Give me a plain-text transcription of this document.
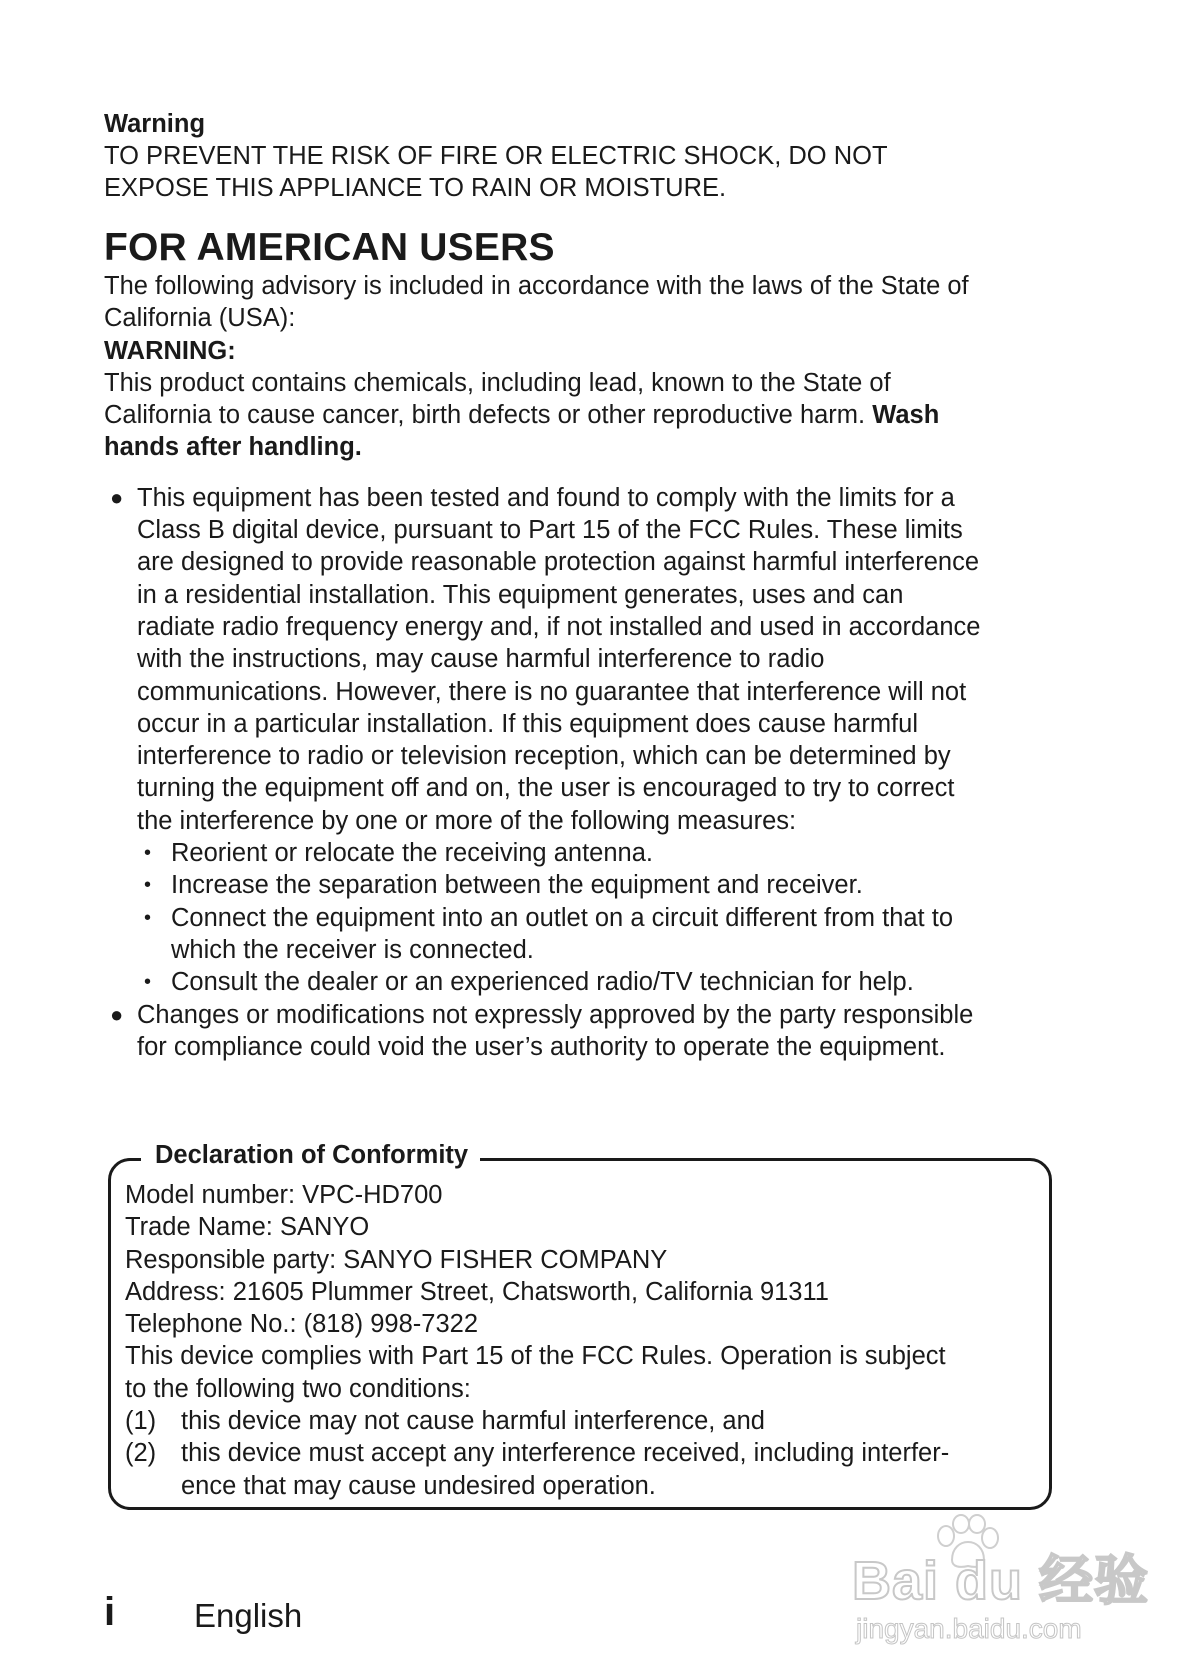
Warning
TO PREVENT THE RISK OF FIRE OR ELECTRIC SHOCK, DO NOT
EXPOSE THIS APPLIANCE TO RAIN OR MOISTURE.
FOR AMERICAN USERS
The following advisory is included in accordance with the laws of the State of
California (USA):
WARNING:
This product contains chemicals, including lead, known to the State of
California to cause cancer, birth defects or other reproductive harm. Wash
hands after handling.
● This equipment has been tested and found to comply with the limits for a
Class B digital device, pursuant to Part 15 of the FCC Rules. These limits
are designed to provide reasonable protection against harmful interference
in a residential installation. This equipment generates, uses and can
radiate radio frequency energy and, if not installed and used in accordance
with the instructions, may cause harmful interference to radio
communications. However, there is no guarantee that interference will not
occur in a particular installation. If this equipment does cause harmful
interference to radio or television reception, which can be determined by
turning the equipment off and on, the user is encouraged to try to correct
the interference by one or more of the following measures:
• Reorient or relocate the receiving antenna.
• Increase the separation between the equipment and receiver.
• Connect the equipment into an outlet on a circuit different from that to
which the receiver is connected.
• Consult the dealer or an experienced radio/TV technician for help.
● Changes or modifications not expressly approved by the party responsible
for compliance could void the user’s authority to operate the equipment.
Declaration of Conformity
Model number: VPC-HD700
Trade Name: SANYO
Responsible party: SANYO FISHER COMPANY
Address: 21605 Plummer Street, Chatsworth, California 91311
Telephone No.: (818) 998-7322
This device complies with Part 15 of the FCC Rules. Operation is subject
to the following two conditions:
(1) this device may not cause harmful interference, and
(2) this device must accept any interference received, including interfer-
ence that may cause undesired operation.
i English
Bai du 经验
jingyan.baidu.com
